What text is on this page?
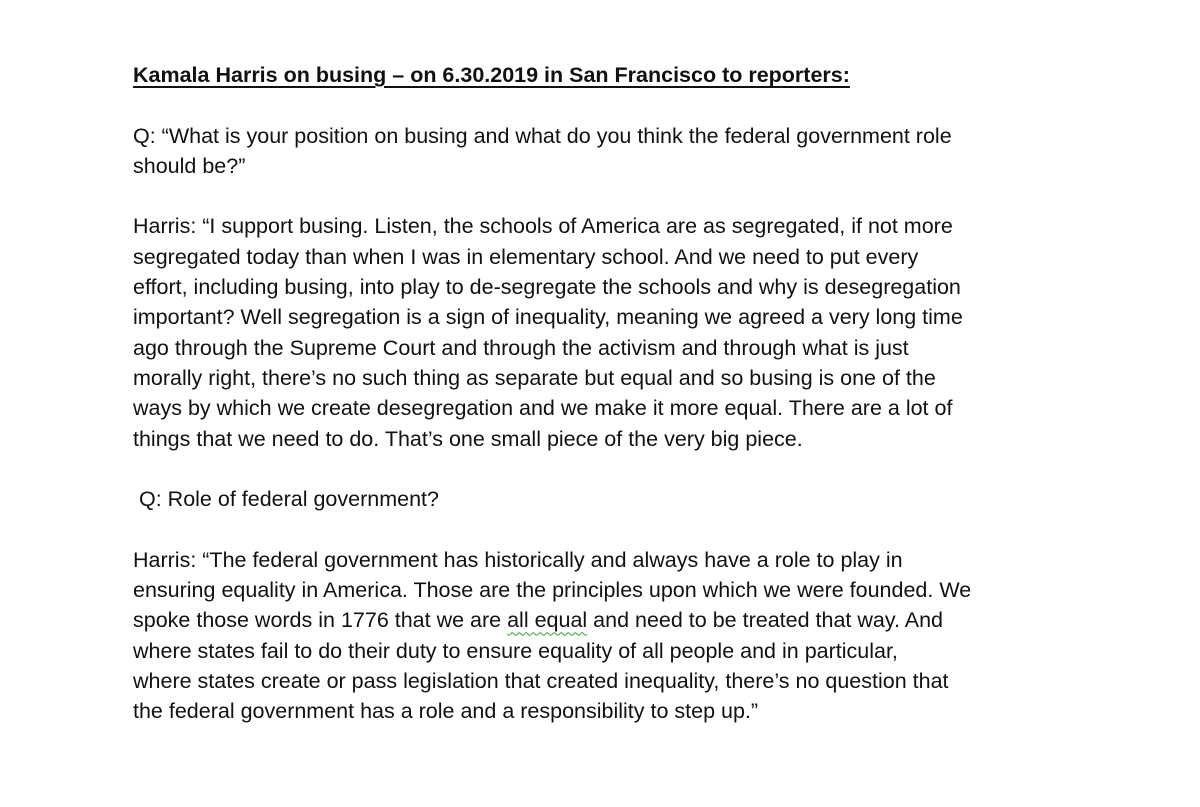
Kamala Harris on busing – on 6.30.2019 in San Francisco to reporters:

Q: “What is your position on busing and what do you think the federal government role
should be?”

Harris: “I support busing. Listen, the schools of America are as segregated, if not more
segregated today than when I was in elementary school. And we need to put every
effort, including busing, into play to de-segregate the schools and why is desegregation
important? Well segregation is a sign of inequality, meaning we agreed a very long time
ago through the Supreme Court and through the activism and through what is just
morally right, there’s no such thing as separate but equal and so busing is one of the
ways by which we create desegregation and we make it more equal. There are a lot of
things that we need to do. That’s one small piece of the very big piece.

Q: Role of federal government?

Harris: “The federal government has historically and always have a role to play in
ensuring equality in America. Those are the principles upon which we were founded. We
spoke those words in 1776 that we are all equal and need to be treated that way. And
where states fail to do their duty to ensure equality of all people and in particular,
where states create or pass legislation that created inequality, there’s no question that
the federal government has a role and a responsibility to step up.”
